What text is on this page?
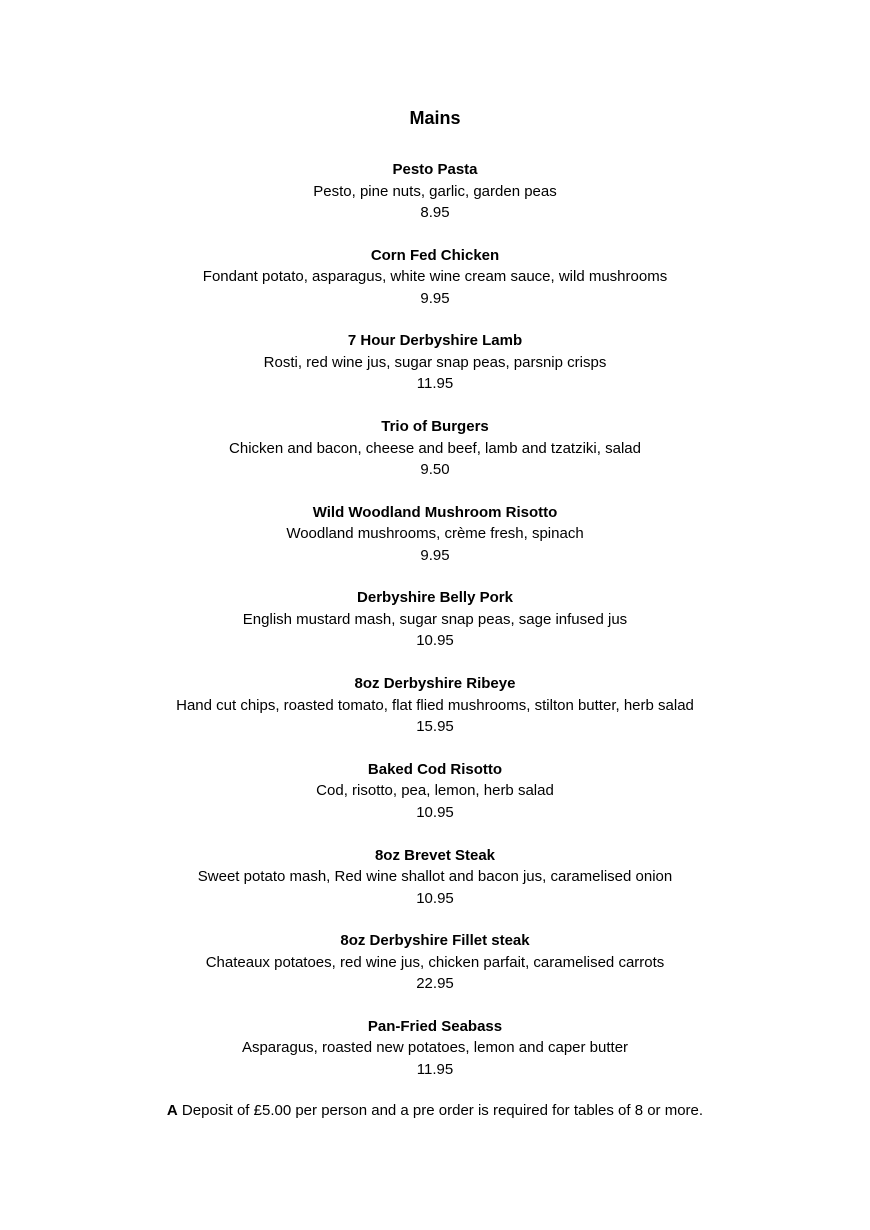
Mains
Pesto Pasta
Pesto, pine nuts, garlic, garden peas
8.95
Corn Fed Chicken
Fondant potato, asparagus, white wine cream sauce, wild mushrooms
9.95
7 Hour Derbyshire Lamb
Rosti, red wine jus, sugar snap peas, parsnip crisps
11.95
Trio of Burgers
Chicken and bacon, cheese and beef, lamb and tzatziki, salad
9.50
Wild Woodland Mushroom Risotto
Woodland mushrooms, crème fresh, spinach
9.95
Derbyshire Belly Pork
English mustard mash, sugar snap peas, sage infused jus
10.95
8oz Derbyshire Ribeye
Hand cut chips, roasted tomato, flat flied mushrooms, stilton butter, herb salad
15.95
Baked Cod Risotto
Cod, risotto, pea, lemon, herb salad
10.95
8oz Brevet Steak
Sweet potato mash, Red wine shallot and bacon jus, caramelised onion
10.95
8oz Derbyshire Fillet steak
Chateaux potatoes, red wine jus, chicken parfait, caramelised carrots
22.95
Pan-Fried Seabass
Asparagus, roasted new potatoes, lemon and caper butter
11.95
A Deposit of £5.00 per person and a pre order is required for tables of 8 or more.
